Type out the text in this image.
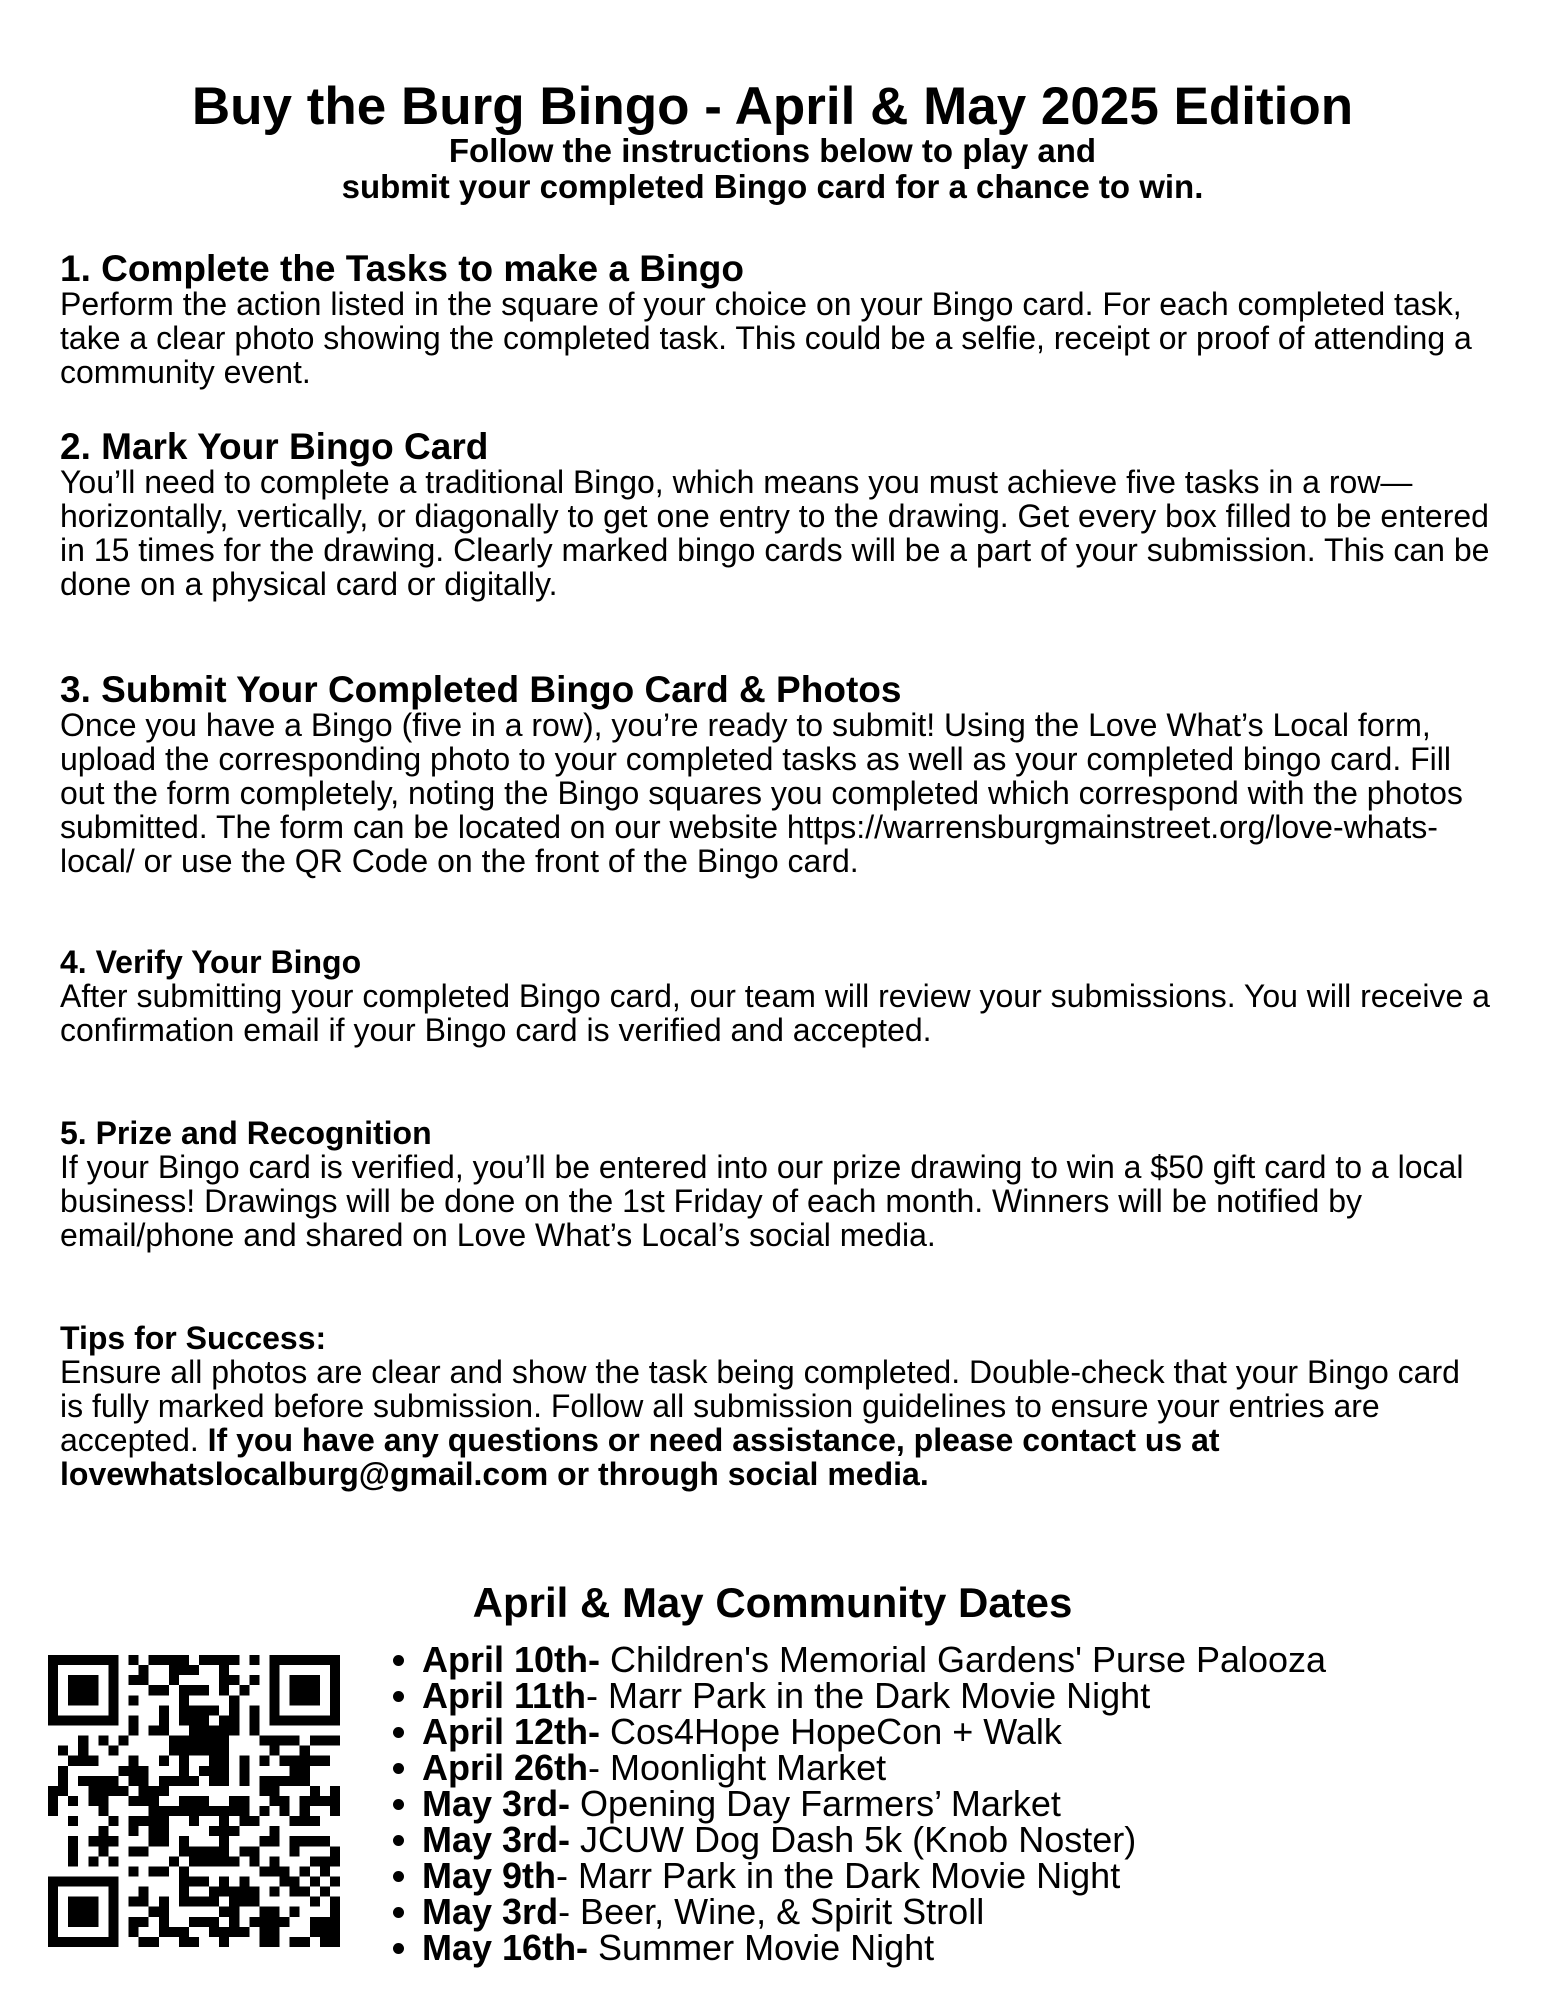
Buy the Burg Bingo - April & May 2025 Edition
Follow the instructions below to play and
submit your completed Bingo card for a chance to win.
1. Complete the Tasks to make a Bingo

Perform the action listed in the square of your choice on your Bingo card. For each completed task, take a clear photo showing the completed task. This could be a selfie, receipt or proof of attending a community event.

2. Mark Your Bingo Card

You’ll need to complete a traditional Bingo, which means you must achieve five tasks in a row—horizontally, vertically, or diagonally to get one entry to the drawing. Get every box filled to be entered in 15 times for the drawing. Clearly marked bingo cards will be a part of your submission. This can be done on a physical card or digitally.

3. Submit Your Completed Bingo Card & Photos

Once you have a Bingo (five in a row), you’re ready to submit! Using the Love What’s Local form, upload the corresponding photo to your completed tasks as well as your completed bingo card. Fill out the form completely, noting the Bingo squares you completed which correspond with the photos submitted. The form can be located on our website https://warrensburgmainstreet.org/love-whats-local/ or use the QR Code on the front of the Bingo card.

4. Verify Your Bingo

After submitting your completed Bingo card, our team will review your submissions. You will receive a confirmation email if your Bingo card is verified and accepted.

5. Prize and Recognition

If your Bingo card is verified, you’ll be entered into our prize drawing to win a $50 gift card to a local business! Drawings will be done on the 1st Friday of each month. Winners will be notified by email/phone and shared on Love What’s Local’s social media.

Tips for Success:

Ensure all photos are clear and show the task being completed. Double-check that your Bingo card is fully marked before submission. Follow all submission guidelines to ensure your entries are accepted. If you have any questions or need assistance, please contact us at lovewhatslocalburg@gmail.com or through social media.

April & May Community Dates
• April 10th- Children's Memorial Gardens' Purse Palooza
• April 11th- Marr Park in the Dark Movie Night
• April 12th- Cos4Hope HopeCon + Walk
• April 26th- Moonlight Market
• May 3rd- Opening Day Farmers’ Market
• May 3rd- JCUW Dog Dash 5k (Knob Noster)
• May 9th- Marr Park in the Dark Movie Night
• May 3rd- Beer, Wine, & Spirit Stroll
• May 16th- Summer Movie Night
